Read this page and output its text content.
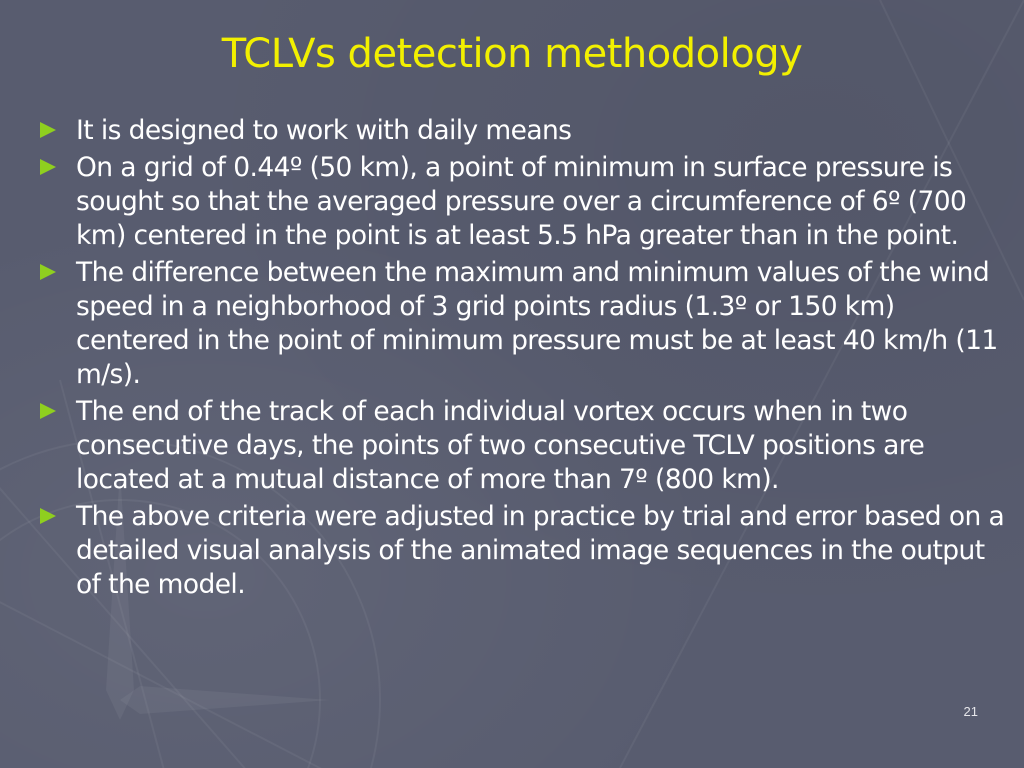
TCLVs detection methodology
It is designed to work with daily means
On a grid of 0.44º (50 km), a point of minimum in surface pressure is sought so that the averaged pressure over a circumference of 6º (700 km) centered in the point is at least 5.5 hPa greater than in the point.
The difference between the maximum and minimum values of the wind speed in a neighborhood of 3 grid points radius (1.3º or 150 km) centered in the point of minimum pressure must be at least 40 km/h (11 m/s).
The end of the track of each individual vortex occurs when in two consecutive days, the points of two consecutive TCLV positions are located at a mutual distance of more than 7º (800 km).
The above criteria were adjusted in practice by trial and error based on a detailed visual analysis of the animated image sequences in the output of the model.
21
